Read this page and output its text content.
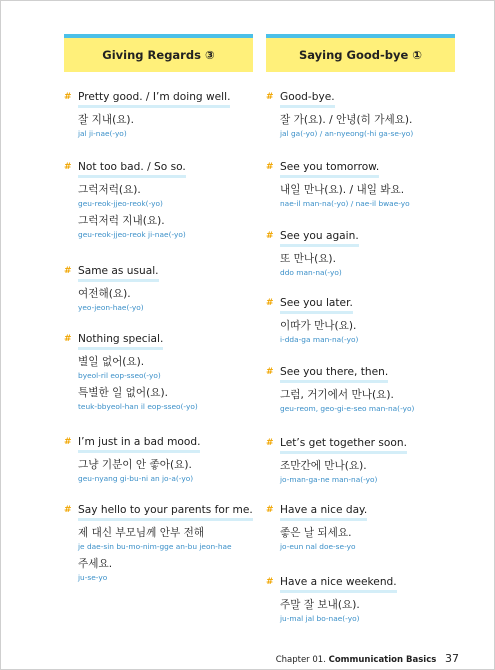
Giving Regards ③
# Pretty good. / I’m doing well.
잘 지내(요).
jal ji-nae(-yo)
# Not too bad. / So so.
그럭저럭(요).
geu-reok-jjeo-reok(-yo)
그럭저럭 지내(요).
geu-reok-jjeo-reok ji-nae(-yo)
# Same as usual.
여전해(요).
yeo-jeon-hae(-yo)
# Nothing special.
별일 없어(요).
byeol-ril eop-sseo(-yo)
특별한 일 없어(요).
teuk-bbyeol-han il eop-sseo(-yo)
# I’m just in a bad mood.
그냥 기분이 안 좋아(요).
geu-nyang gi-bu-ni an jo-a(-yo)
# Say hello to your parents for me.
제 대신 부모님께 안부 전해
je dae-sin bu-mo-nim-gge an-bu jeon-hae
주세요.
ju-se-yo
Saying Good-bye ①
# Good-bye.
잘 가(요). / 안녕(히 가세요).
jal ga(-yo) / an-nyeong(-hi ga-se-yo)
# See you tomorrow.
내일 만나(요). / 내일 봐요.
nae-il man-na(-yo) / nae-il bwae-yo
# See you again.
또 만나(요).
ddo man-na(-yo)
# See you later.
이따가 만나(요).
i-dda-ga man-na(-yo)
# See you there, then.
그럼, 거기에서 만나(요).
geu-reom, geo-gi-e-seo man-na(-yo)
# Let’s get together soon.
조만간에 만나(요).
jo-man-ga-ne man-na(-yo)
# Have a nice day.
좋은 날 되세요.
jo-eun nal doe-se-yo
# Have a nice weekend.
주말 잘 보내(요).
ju-mal jal bo-nae(-yo)
Chapter 01. Communication Basics 37
